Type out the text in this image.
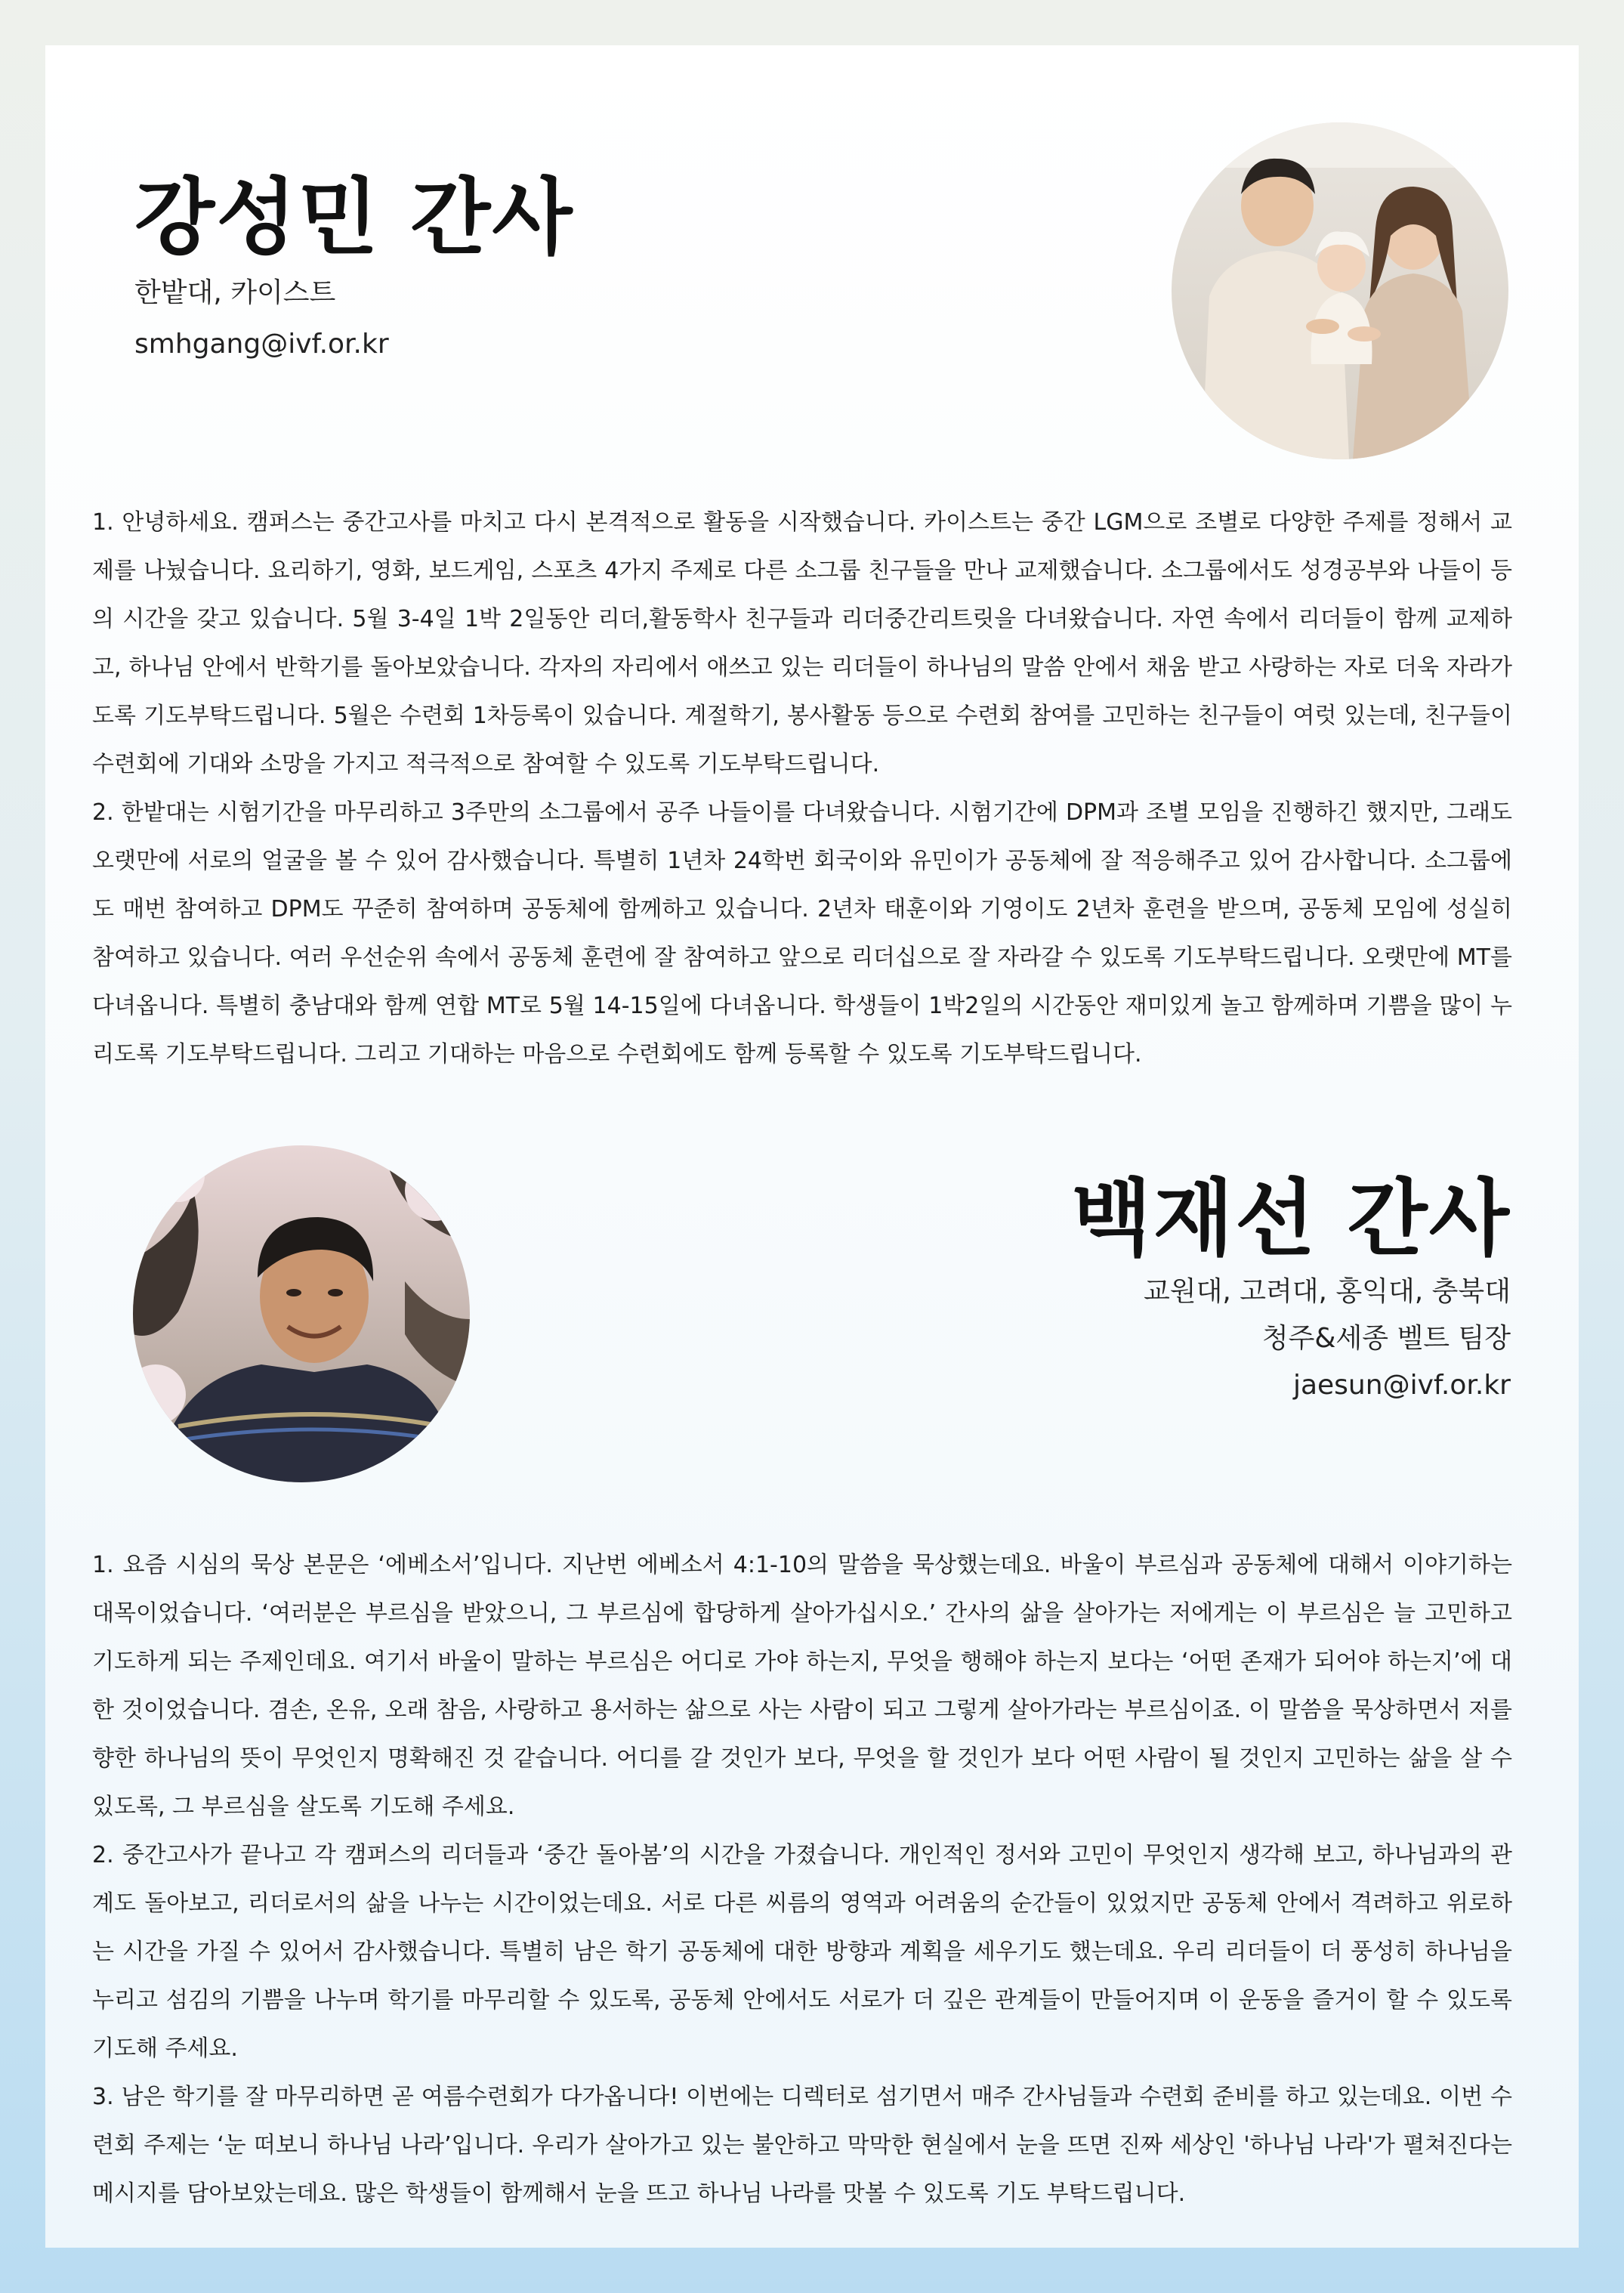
강성민 간사
한밭대, 카이스트
smhgang@ivf.or.kr

1. 안녕하세요. 캠퍼스는 중간고사를 마치고 다시 본격적으로 활동을 시작했습니다. 카이스트는 중간 LGM으로 조별로 다양한 주제를 정해서 교제를 나눴습니다. 요리하기, 영화, 보드게임, 스포츠 4가지 주제로 다른 소그룹 친구들을 만나 교제했습니다. 소그룹에서도 성경공부와 나들이 등의 시간을 갖고 있습니다. 5월 3-4일 1박 2일동안 리더,활동학사 친구들과 리더중간리트릿을 다녀왔습니다. 자연 속에서 리더들이 함께 교제하고, 하나님 안에서 반학기를 돌아보았습니다. 각자의 자리에서 애쓰고 있는 리더들이 하나님의 말씀 안에서 채움 받고 사랑하는 자로 더욱 자라가도록 기도부탁드립니다. 5월은 수련회 1차등록이 있습니다. 계절학기, 봉사활동 등으로 수련회 참여를 고민하는 친구들이 여럿 있는데, 친구들이 수련회에 기대와 소망을 가지고 적극적으로 참여할 수 있도록 기도부탁드립니다.

2. 한밭대는 시험기간을 마무리하고 3주만의 소그룹에서 공주 나들이를 다녀왔습니다. 시험기간에 DPM과 조별 모임을 진행하긴 했지만, 그래도 오랫만에 서로의 얼굴을 볼 수 있어 감사했습니다. 특별히 1년차 24학번 회국이와 유민이가 공동체에 잘 적응해주고 있어 감사합니다. 소그룹에도 매번 참여하고 DPM도 꾸준히 참여하며 공동체에 함께하고 있습니다. 2년차 태훈이와 기영이도 2년차 훈련을 받으며, 공동체 모임에 성실히 참여하고 있습니다. 여러 우선순위 속에서 공동체 훈련에 잘 참여하고 앞으로 리더십으로 잘 자라갈 수 있도록 기도부탁드립니다. 오랫만에 MT를 다녀옵니다. 특별히 충남대와 함께 연합 MT로 5월 14-15일에 다녀옵니다. 학생들이 1박2일의 시간동안 재미있게 놀고 함께하며 기쁨을 많이 누리도록 기도부탁드립니다. 그리고 기대하는 마음으로 수련회에도 함께 등록할 수 있도록 기도부탁드립니다.

백재선 간사
교원대, 고려대, 홍익대, 충북대
청주&세종 벨트 팀장
jaesun@ivf.or.kr

1. 요즘 시심의 묵상 본문은 ‘에베소서’입니다. 지난번 에베소서 4:1-10의 말씀을 묵상했는데요. 바울이 부르심과 공동체에 대해서 이야기하는 대목이었습니다. ‘여러분은 부르심을 받았으니, 그 부르심에 합당하게 살아가십시오.’ 간사의 삶을 살아가는 저에게는 이 부르심은 늘 고민하고 기도하게 되는 주제인데요. 여기서 바울이 말하는 부르심은 어디로 가야 하는지, 무엇을 행해야 하는지 보다는 ‘어떤 존재가 되어야 하는지’에 대한 것이었습니다. 겸손, 온유, 오래 참음, 사랑하고 용서하는 삶으로 사는 사람이 되고 그렇게 살아가라는 부르심이죠. 이 말씀을 묵상하면서 저를 향한 하나님의 뜻이 무엇인지 명확해진 것 같습니다. 어디를 갈 것인가 보다, 무엇을 할 것인가 보다 어떤 사람이 될 것인지 고민하는 삶을 살 수 있도록, 그 부르심을 살도록 기도해 주세요.

2. 중간고사가 끝나고 각 캠퍼스의 리더들과 ‘중간 돌아봄’의 시간을 가졌습니다. 개인적인 정서와 고민이 무엇인지 생각해 보고, 하나님과의 관계도 돌아보고, 리더로서의 삶을 나누는 시간이었는데요. 서로 다른 씨름의 영역과 어려움의 순간들이 있었지만 공동체 안에서 격려하고 위로하는 시간을 가질 수 있어서 감사했습니다. 특별히 남은 학기 공동체에 대한 방향과 계획을 세우기도 했는데요. 우리 리더들이 더 풍성히 하나님을 누리고 섬김의 기쁨을 나누며 학기를 마무리할 수 있도록, 공동체 안에서도 서로가 더 깊은 관계들이 만들어지며 이 운동을 즐거이 할 수 있도록 기도해 주세요.

3. 남은 학기를 잘 마무리하면 곧 여름수련회가 다가옵니다! 이번에는 디렉터로 섬기면서 매주 간사님들과 수련회 준비를 하고 있는데요. 이번 수련회 주제는 ‘눈 떠보니 하나님 나라’입니다. 우리가 살아가고 있는 불안하고 막막한 현실에서 눈을 뜨면 진짜 세상인 '하나님 나라'가 펼쳐진다는 메시지를 담아보았는데요. 많은 학생들이 함께해서 눈을 뜨고 하나님 나라를 맛볼 수 있도록 기도 부탁드립니다.
